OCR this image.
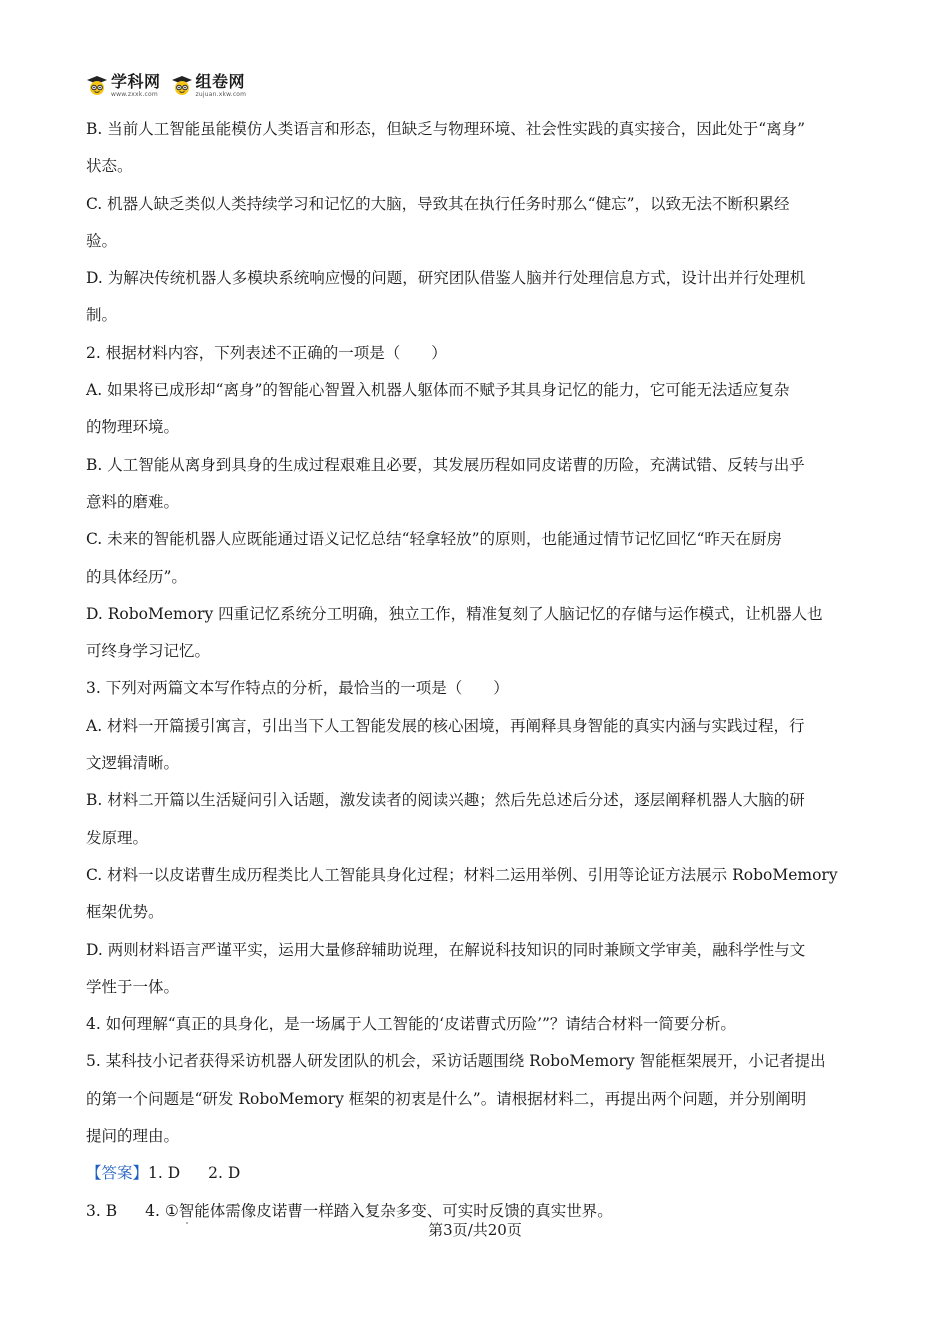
学科网
www.zxxk.com
组卷网
zujuan.xkw.com

B. 当前人工智能虽能模仿人类语言和形态，但缺乏与物理环境、社会性实践的真实接合，因此处于“离身”

状态。

C. 机器人缺乏类似人类持续学习和记忆的大脑，导致其在执行任务时那么“健忘”，以致无法不断积累经

验。

D. 为解决传统机器人多模块系统响应慢的问题，研究团队借鉴人脑并行处理信息方式，设计出并行处理机

制。

2. 根据材料内容，下列表述不正确的一项是（　　）

A. 如果将已成形却“离身”的智能心智置入机器人躯体而不赋予其具身记忆的能力，它可能无法适应复杂

的物理环境。

B. 人工智能从离身到具身的生成过程艰难且必要，其发展历程如同皮诺曹的历险，充满试错、反转与出乎

意料的磨难。

C. 未来的智能机器人应既能通过语义记忆总结“轻拿轻放”的原则，也能通过情节记忆回忆“昨天在厨房

的具体经历”。

D. RoboMemory 四重记忆系统分工明确，独立工作，精准复刻了人脑记忆的存储与运作模式，让机器人也

可终身学习记忆。

3. 下列对两篇文本写作特点的分析，最恰当的一项是（　　）

A. 材料一开篇援引寓言，引出当下人工智能发展的核心困境，再阐释具身智能的真实内涵与实践过程，行

文逻辑清晰。

B. 材料二开篇以生活疑问引入话题，激发读者的阅读兴趣；然后先总述后分述，逐层阐释机器人大脑的研

发原理。

C. 材料一以皮诺曹生成历程类比人工智能具身化过程；材料二运用举例、引用等论证方法展示 RoboMemory

框架优势。

D. 两则材料语言严谨平实，运用大量修辞辅助说理，在解说科技知识的同时兼顾文学审美，融科学性与文

学性于一体。

4. 如何理解“真正的具身化，是一场属于人工智能的‘皮诺曹式历险’”？请结合材料一简要分析。

5. 某科技小记者获得采访机器人研发团队的机会，采访话题围绕 RoboMemory 智能框架展开，小记者提出

的第一个问题是“研发 RoboMemory 框架的初衷是什么”。请根据材料二，再提出两个问题，并分别阐明

提问的理由。

【答案】1. D 2. D

3. B 4. ①智能体需像皮诺曹一样踏入复杂多变、可实时反馈的真实世界。

第3页/共20页
